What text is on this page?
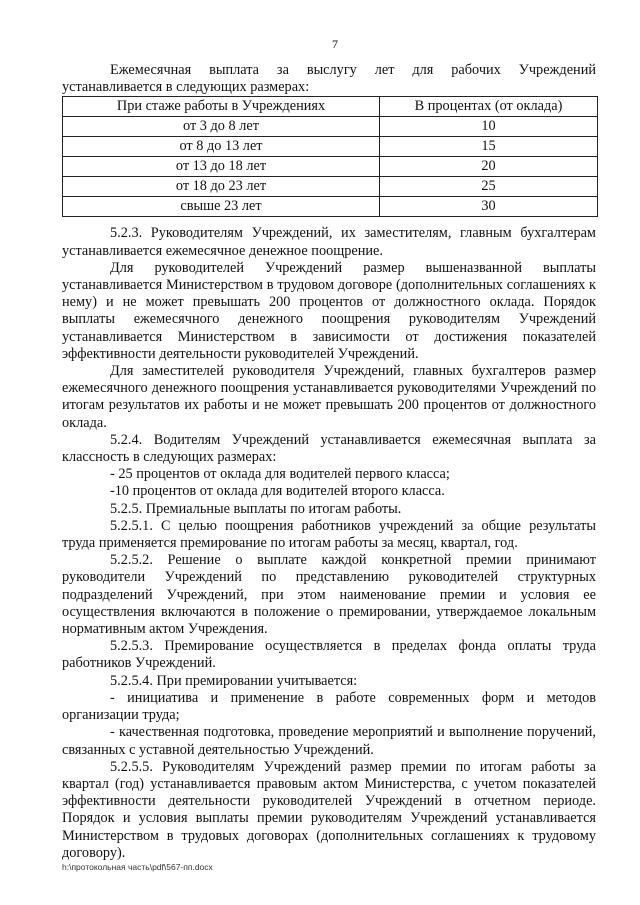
7

Ежемесячная выплата за выслугу лет для рабочих Учреждений устанавливается в следующих размерах:

При стаже работы в Учреждениях	В процентах (от оклада)
от 3 до 8 лет	10
от 8 до 13 лет	15
от 13 до 18 лет	20
от 18 до 23 лет	25
свыше 23 лет	30

5.2.3. Руководителям Учреждений, их заместителям, главным бухгалтерам устанавливается ежемесячное денежное поощрение.

Для руководителей Учреждений размер вышеназванной выплаты устанавливается Министерством в трудовом договоре (дополнительных соглашениях к нему) и не может превышать 200 процентов от должностного оклада. Порядок выплаты ежемесячного денежного поощрения руководителям Учреждений устанавливается Министерством в зависимости от достижения показателей эффективности деятельности руководителей Учреждений.

Для заместителей руководителя Учреждений, главных бухгалтеров размер ежемесячного денежного поощрения устанавливается руководителями Учреждений по итогам результатов их работы и не может превышать 200 процентов от должностного оклада.

5.2.4. Водителям Учреждений устанавливается ежемесячная выплата за классность в следующих размерах:

- 25 процентов от оклада для водителей первого класса;

-10 процентов от оклада для водителей второго класса.

5.2.5. Премиальные выплаты по итогам работы.

5.2.5.1. С целью поощрения работников учреждений за общие результаты труда применяется премирование по итогам работы за месяц, квартал, год.

5.2.5.2. Решение о выплате каждой конкретной премии принимают руководители Учреждений по представлению руководителей структурных подразделений Учреждений, при этом наименование премии и условия ее осуществления включаются в положение о премировании, утверждаемое локальным нормативным актом Учреждения.

5.2.5.3. Премирование осуществляется в пределах фонда оплаты труда работников Учреждений.

5.2.5.4. При премировании учитывается:

- инициатива и применение в работе современных форм и методов организации труда;

- качественная подготовка, проведение мероприятий и выполнение поручений, связанных с уставной деятельностью Учреждений.

5.2.5.5. Руководителям Учреждений размер премии по итогам работы за квартал (год) устанавливается правовым актом Министерства, с учетом показателей эффективности деятельности руководителей Учреждений в отчетном периоде. Порядок и условия выплаты премии руководителям Учреждений устанавливается Министерством в трудовых договорах (дополнительных соглашениях к трудовому договору).

h:\протокольная часть\pdf\567-пп.docx
